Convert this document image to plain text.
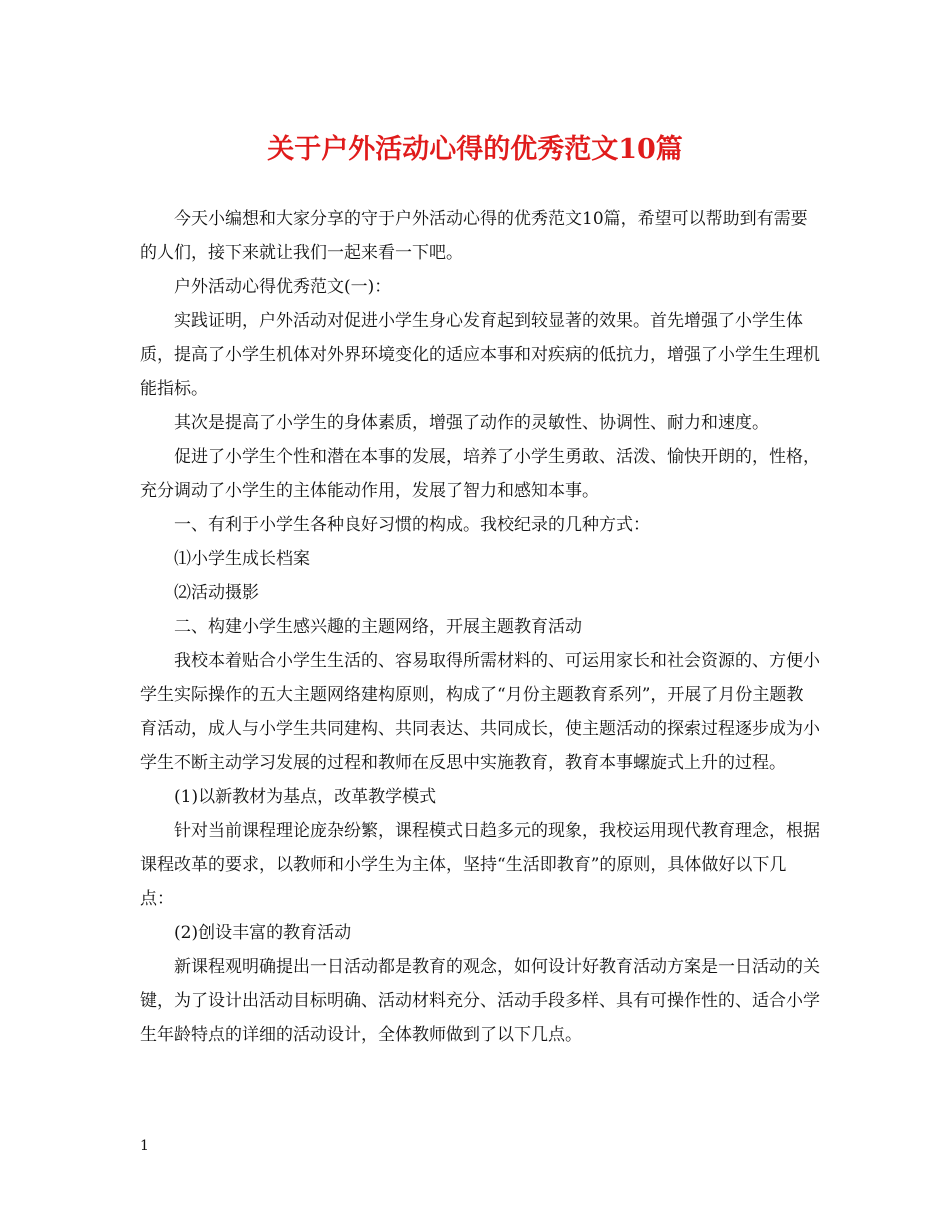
关于户外活动心得的优秀范文10篇

今天小编想和大家分享的守于户外活动心得的优秀范文10篇，希望可以帮助到有需要的人们，接下来就让我们一起来看一下吧。

户外活动心得优秀范文(一)：

实践证明，户外活动对促进小学生身心发育起到较显著的效果。首先增强了小学生体质，提高了小学生机体对外界环境变化的适应本事和对疾病的低抗力，增强了小学生生理机能指标。

其次是提高了小学生的身体素质，增强了动作的灵敏性、协调性、耐力和速度。

促进了小学生个性和潜在本事的发展，培养了小学生勇敢、活泼、愉快开朗的，性格，充分调动了小学生的主体能动作用，发展了智力和感知本事。

一、有利于小学生各种良好习惯的构成。我校纪录的几种方式：

⑴小学生成长档案

⑵活动摄影

二、构建小学生感兴趣的主题网络，开展主题教育活动

我校本着贴合小学生生活的、容易取得所需材料的、可运用家长和社会资源的、方便小学生实际操作的五大主题网络建构原则，构成了“月份主题教育系列”，开展了月份主题教育活动，成人与小学生共同建构、共同表达、共同成长，使主题活动的探索过程逐步成为小学生不断主动学习发展的过程和教师在反思中实施教育，教育本事螺旋式上升的过程。

(1)以新教材为基点，改革教学模式

针对当前课程理论庞杂纷繁，课程模式日趋多元的现象，我校运用现代教育理念，根据课程改革的要求，以教师和小学生为主体，坚持“生活即教育”的原则，具体做好以下几点：

(2)创设丰富的教育活动

新课程观明确提出一日活动都是教育的观念，如何设计好教育活动方案是一日活动的关键，为了设计出活动目标明确、活动材料充分、活动手段多样、具有可操作性的、适合小学生年龄特点的详细的活动设计，全体教师做到了以下几点。

1
